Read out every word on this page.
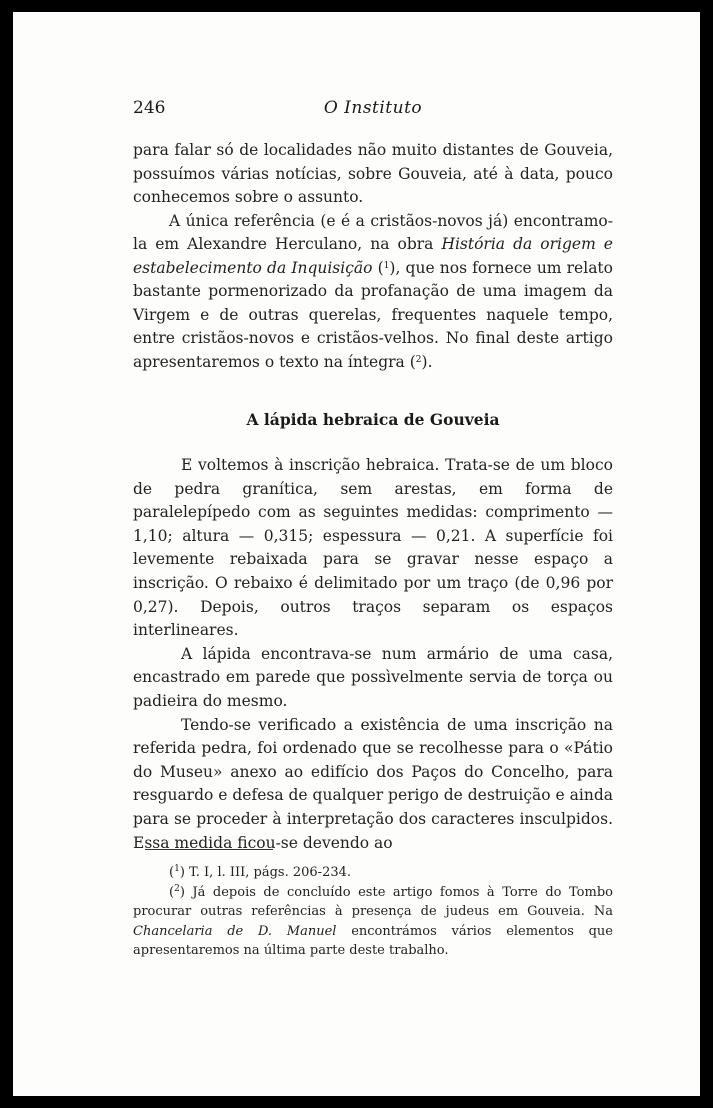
246	O Instituto

para falar só de localidades não muito distantes de Gouveia, possuímos várias notícias, sobre Gouveia, até à data, pouco conhecemos sobre o assunto.

A única referência (e é a cristãos-novos já) encontramo-la em Alexandre Herculano, na obra História da origem e estabelecimento da Inquisição ($^1$), que nos fornece um relato bastante pormenorizado da profanação de uma imagem da Virgem e de outras querelas, frequentes naquele tempo, entre cristãos-novos e cristãos-velhos. No final deste artigo apresentaremos o texto na íntegra ($^2$).

A lápida hebraica de Gouveia

E voltemos à inscrição hebraica. Trata-se de um bloco de pedra granítica, sem arestas, em forma de paralelepípedo com as seguintes medidas: comprimento — 1,10; altura — 0,315; espessura — 0,21. A superfície foi levemente rebaixada para se gravar nesse espaço a inscrição. O rebaixo é delimitado por um traço (de 0,96 por 0,27). Depois, outros traços separam os espaços interlineares.

A lápida encontrava-se num armário de uma casa, encastrado em parede que possìvelmente servia de torça ou padieira do mesmo.

Tendo-se verificado a existência de uma inscrição na referida pedra, foi ordenado que se recolhesse para o «Pátio do Museu» anexo ao edifício dos Paços do Concelho, para resguardo e defesa de qualquer perigo de destruição e ainda para se proceder à interpretação dos caracteres insculpidos. Essa medida ficou-se devendo ao

($^1$) T. I, l. III, págs. 206-234.

($^2$) Já depois de concluído este artigo fomos à Torre do Tombo procurar outras referências à presença de judeus em Gouveia. Na Chancelaria de D. Manuel encontrámos vários elementos que apresentaremos na última parte deste trabalho.
